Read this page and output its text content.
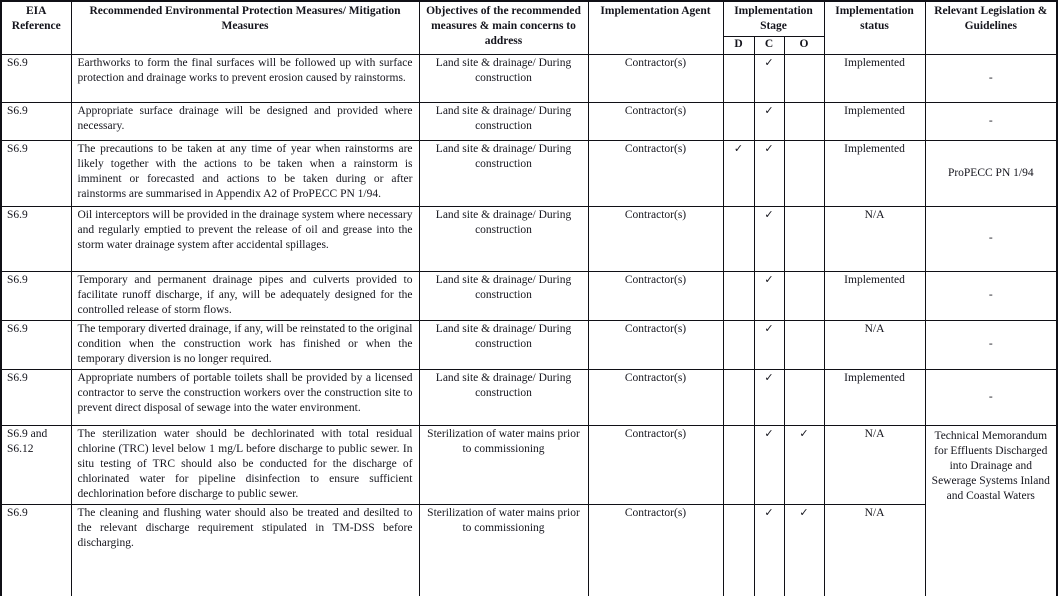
EIA Reference	Recommended Environmental Protection Measures/ Mitigation Measures	Objectives of the recommended measures & main concerns to address	Implementation Agent	Implementation Stage			Implementation status	Relevant Legislation & Guidelines
				D	C	O		
S6.9	Earthworks to form the final surfaces will be followed up with surface protection and drainage works to prevent erosion caused by rainstorms.	Land site & drainage/ During construction	Contractor(s)		✓		Implemented	-
S6.9	Appropriate surface drainage will be designed and provided where necessary.	Land site & drainage/ During construction	Contractor(s)		✓		Implemented	-
S6.9	The precautions to be taken at any time of year when rainstorms are likely together with the actions to be taken when a rainstorm is imminent or forecasted and actions to be taken during or after rainstorms are summarised in Appendix A2 of ProPECC PN 1/94.	Land site & drainage/ During construction	Contractor(s)	✓	✓		Implemented	ProPECC PN 1/94
S6.9	Oil interceptors will be provided in the drainage system where necessary and regularly emptied to prevent the release of oil and grease into the storm water drainage system after accidental spillages.	Land site & drainage/ During construction	Contractor(s)		✓		N/A	-
S6.9	Temporary and permanent drainage pipes and culverts provided to facilitate runoff discharge, if any, will be adequately designed for the controlled release of storm flows.	Land site & drainage/ During construction	Contractor(s)		✓		Implemented	-
S6.9	The temporary diverted drainage, if any, will be reinstated to the original condition when the construction work has finished or when the temporary diversion is no longer required.	Land site & drainage/ During construction	Contractor(s)		✓		N/A	-
S6.9	Appropriate numbers of portable toilets shall be provided by a licensed contractor to serve the construction workers over the construction site to prevent direct disposal of sewage into the water environment.	Land site & drainage/ During construction	Contractor(s)		✓		Implemented	-
S6.9 and S6.12	The sterilization water should be dechlorinated with total residual chlorine (TRC) level below 1 mg/L before discharge to public sewer. In situ testing of TRC should also be conducted for the discharge of chlorinated water for pipeline disinfection to ensure sufficient dechlorination before discharge to public sewer.	Sterilization of water mains prior to commissioning	Contractor(s)		✓	✓	N/A	Technical Memorandum for Effluents Discharged into Drainage and Sewerage Systems Inland and Coastal Waters
S6.9	The cleaning and flushing water should also be treated and desilted to the relevant discharge requirement stipulated in TM-DSS before discharging.	Sterilization of water mains prior to commissioning	Contractor(s)		✓	✓	N/A	
